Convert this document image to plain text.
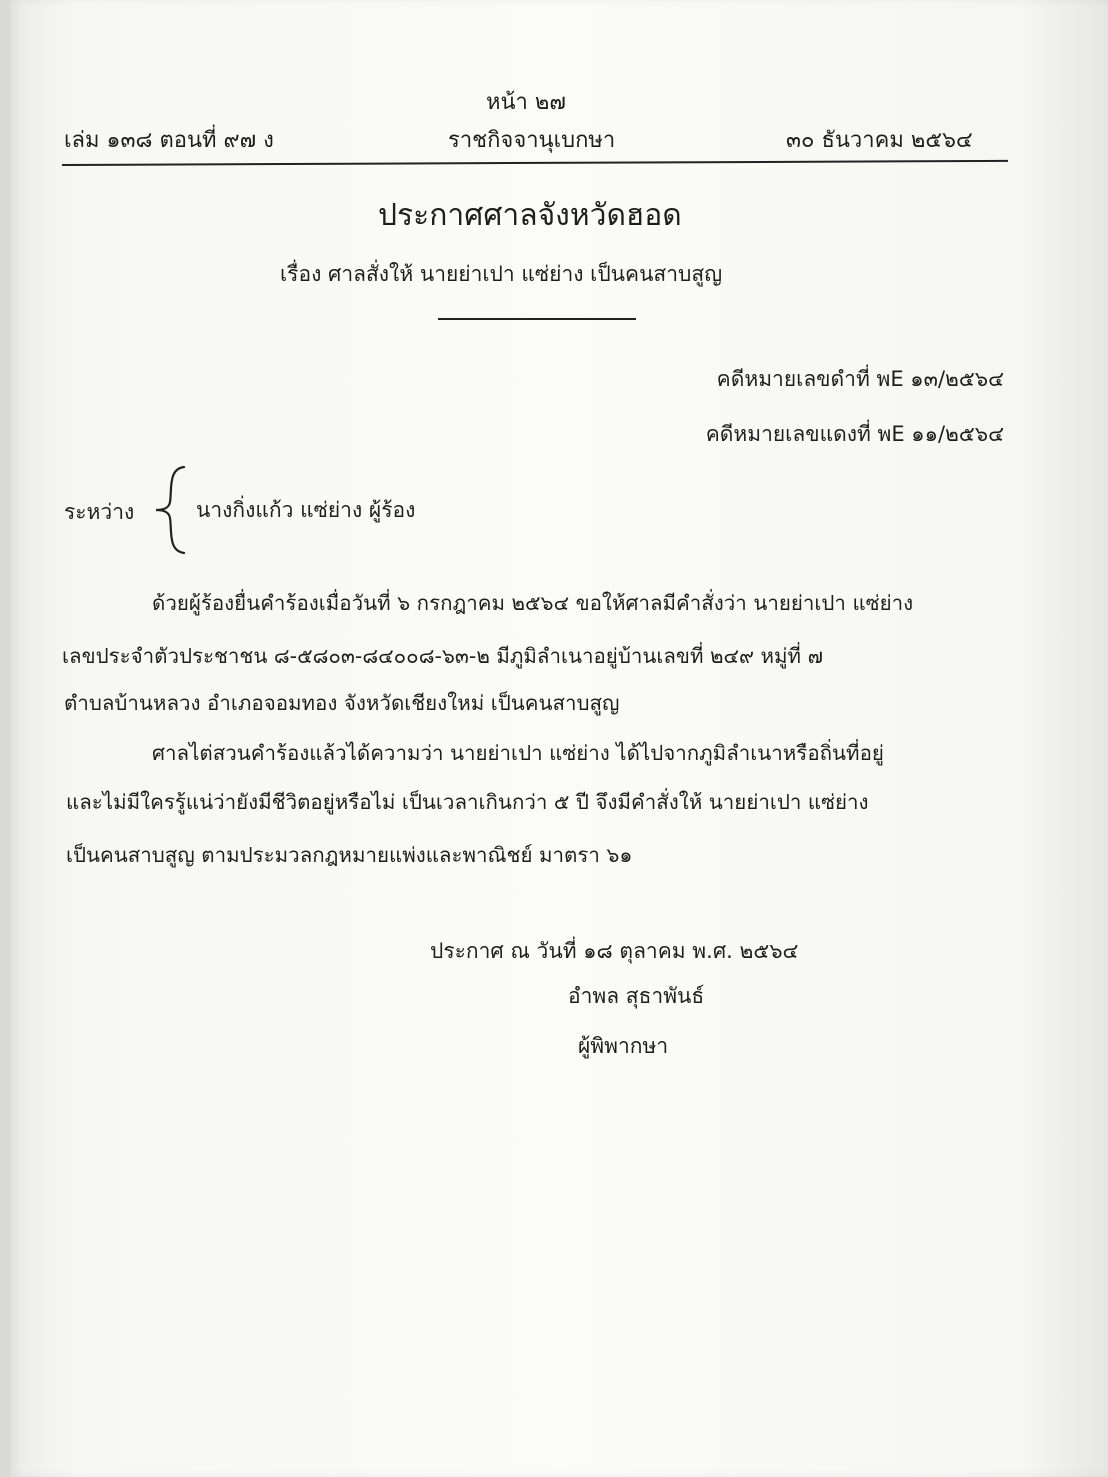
หน้า ๒๗
เล่ม ๑๓๘ ตอนที่ ๙๗ ง	ราชกิจจานุเบกษา	๓๐ ธันวาคม ๒๕๖๔
ประกาศศาลจังหวัดฮอด
เรื่อง ศาลสั่งให้ นายย่าเปา แซ่ย่าง เป็นคนสาบสูญ
คดีหมายเลขดำที่ พE ๑๓/๒๕๖๔
คดีหมายเลขแดงที่ พE ๑๑/๒๕๖๔
ระหว่าง	นางกิ่งแก้ว แซ่ย่าง ผู้ร้อง
ด้วยผู้ร้องยื่นคำร้องเมื่อวันที่ ๖ กรกฎาคม ๒๕๖๔ ขอให้ศาลมีคำสั่งว่า นายย่าเปา แซ่ย่าง
เลขประจำตัวประชาชน ๘-๕๘๐๓-๘๔๐๐๘-๖๓-๒ มีภูมิลำเนาอยู่บ้านเลขที่ ๒๔๙ หมู่ที่ ๗
ตำบลบ้านหลวง อำเภอจอมทอง จังหวัดเชียงใหม่ เป็นคนสาบสูญ
ศาลไต่สวนคำร้องแล้วได้ความว่า นายย่าเปา แซ่ย่าง ได้ไปจากภูมิลำเนาหรือถิ่นที่อยู่
และไม่มีใครรู้แน่ว่ายังมีชีวิตอยู่หรือไม่ เป็นเวลาเกินกว่า ๕ ปี จึงมีคำสั่งให้ นายย่าเปา แซ่ย่าง
เป็นคนสาบสูญ ตามประมวลกฎหมายแพ่งและพาณิชย์ มาตรา ๖๑
ประกาศ ณ วันที่ ๑๘ ตุลาคม พ.ศ. ๒๕๖๔
อำพล สุธาพันธ์
ผู้พิพากษา
